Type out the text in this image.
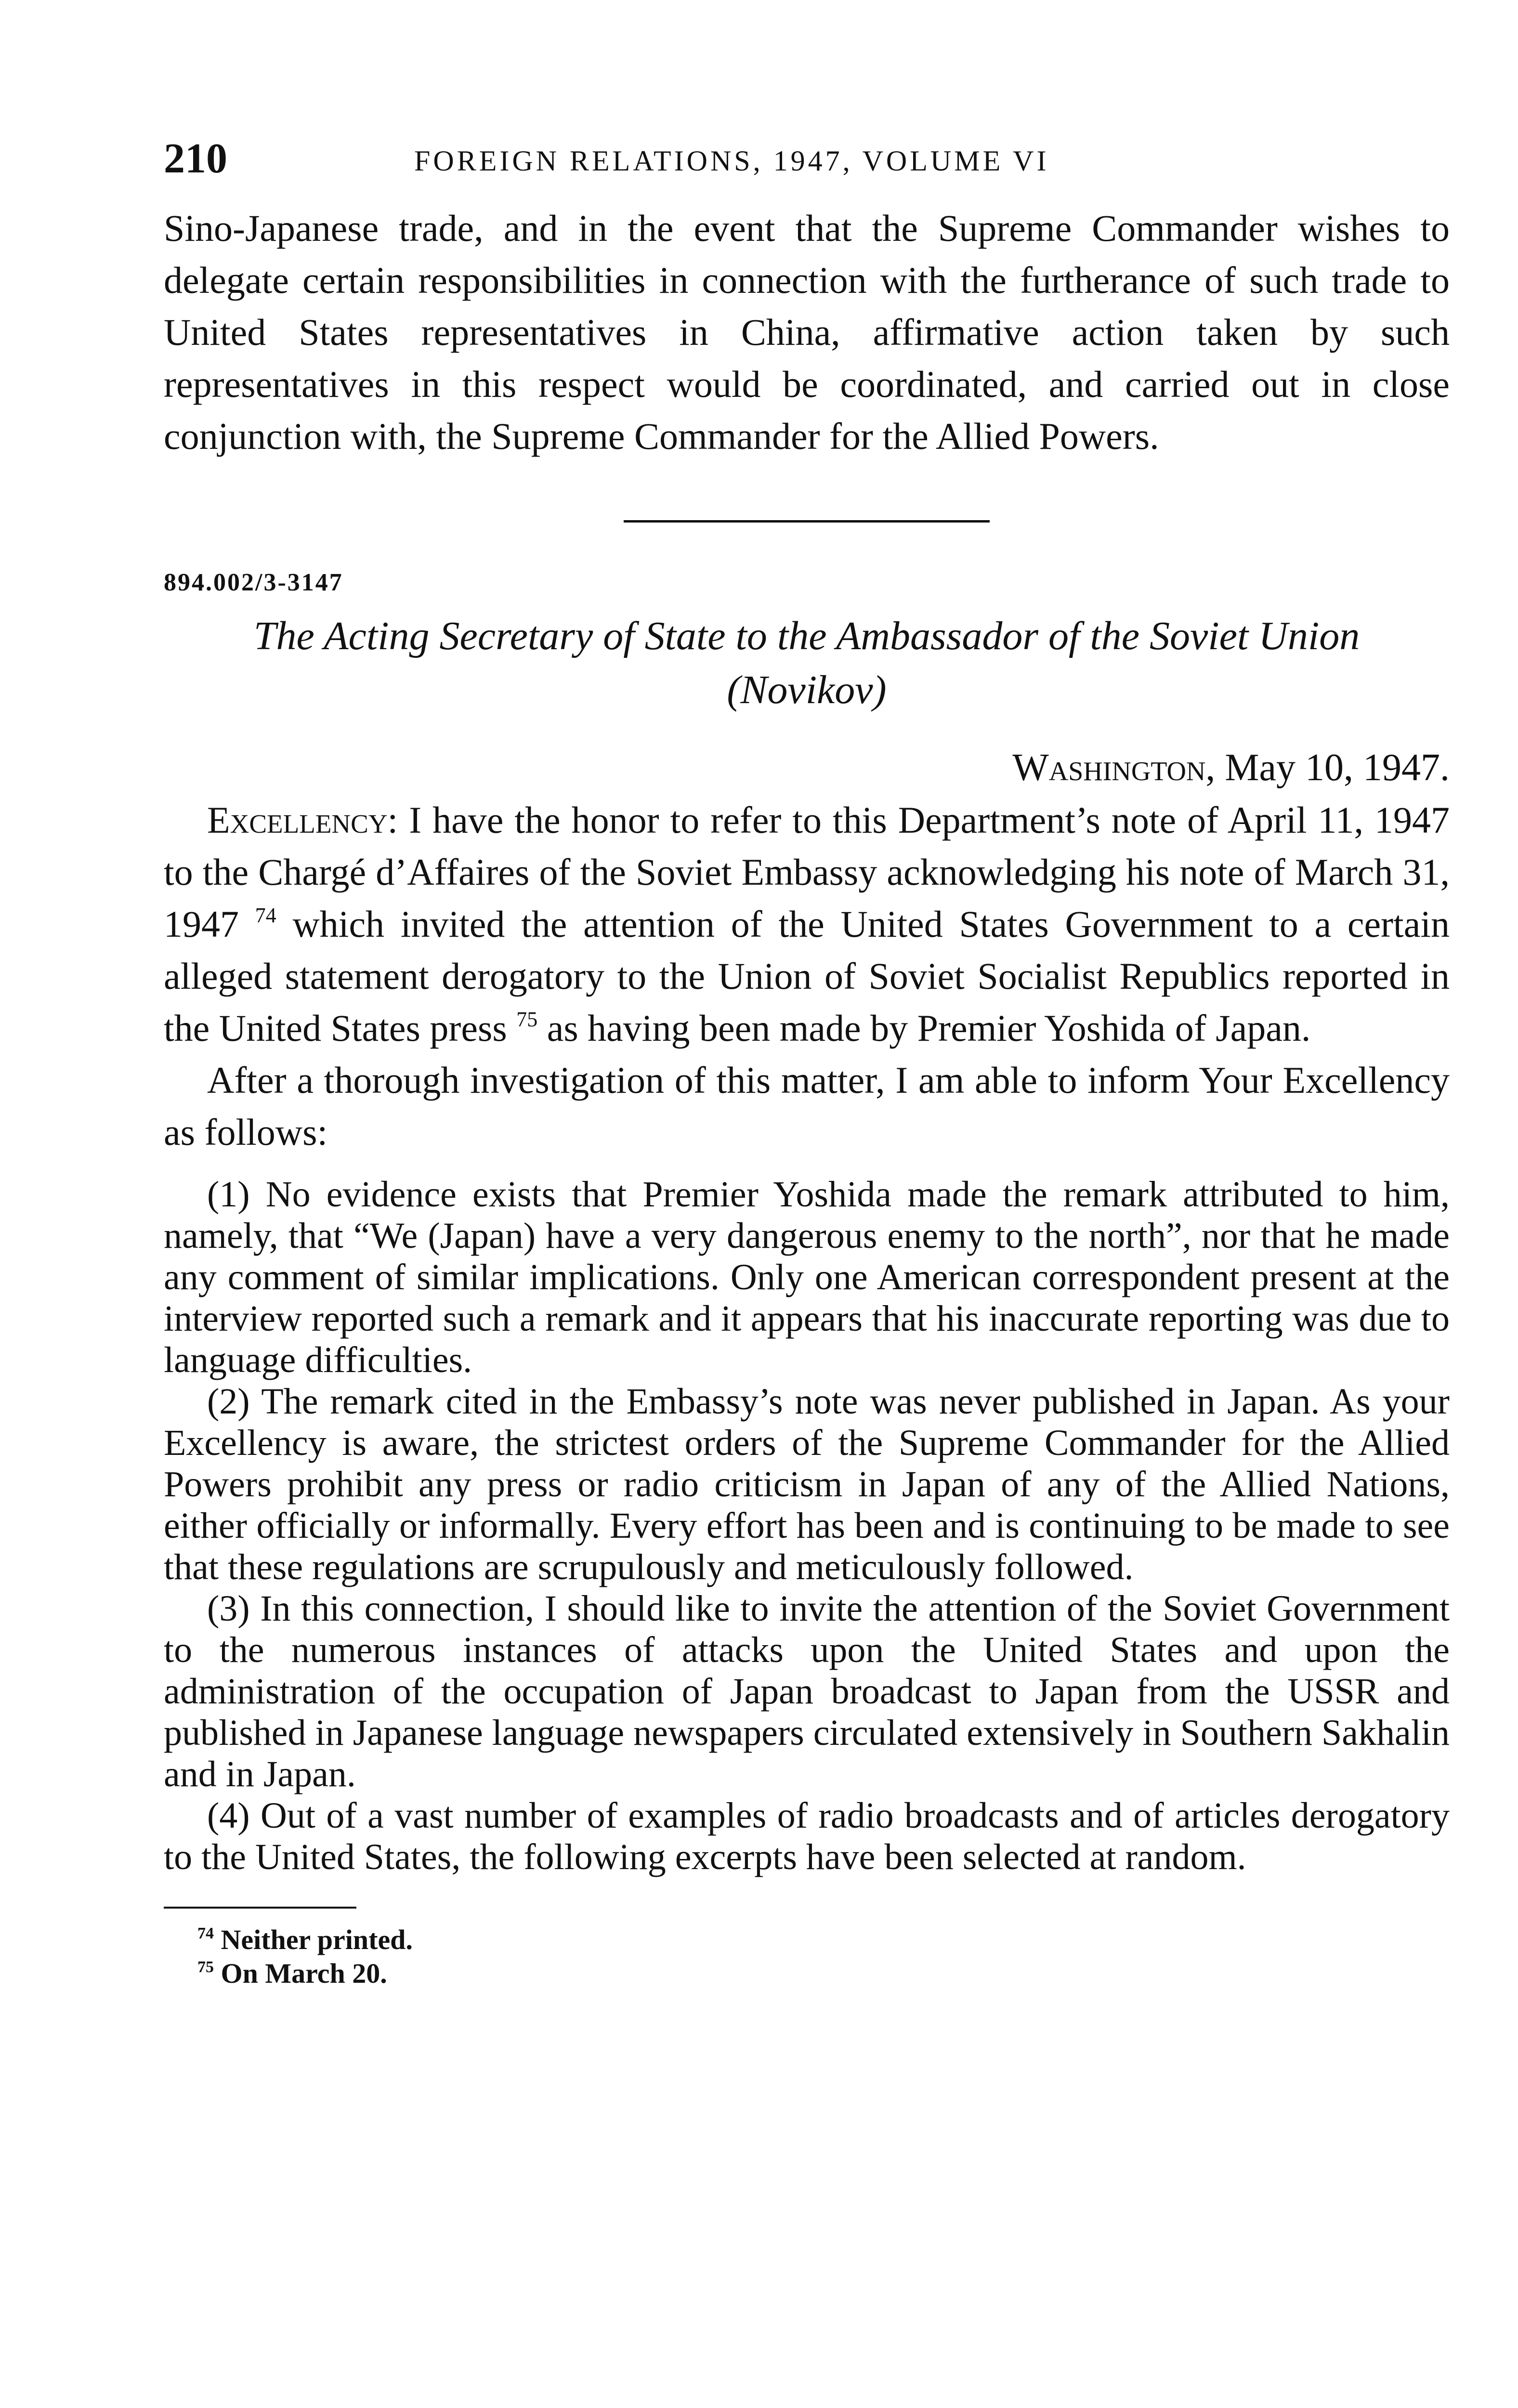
210	FOREIGN RELATIONS, 1947, VOLUME VI

Sino-Japanese trade, and in the event that the Supreme Commander wishes to delegate certain responsibilities in connection with the furtherance of such trade to United States representatives in China, affirmative action taken by such representatives in this respect would be coordinated, and carried out in close conjunction with, the Supreme Commander for the Allied Powers.

894.002/3-3147

The Acting Secretary of State to the Ambassador of the Soviet Union
(Novikov)

Washington, May 10, 1947.

Excellency: I have the honor to refer to this Department’s note of April 11, 1947 to the Chargé d’Affaires of the Soviet Embassy acknowledging his note of March 31, 1947 $^{74}$ which invited the attention of the United States Government to a certain alleged statement derogatory to the Union of Soviet Socialist Republics reported in the United States press $^{75}$ as having been made by Premier Yoshida of Japan.

After a thorough investigation of this matter, I am able to inform Your Excellency as follows:

(1) No evidence exists that Premier Yoshida made the remark attributed to him, namely, that “We (Japan) have a very dangerous enemy to the north”, nor that he made any comment of similar implications. Only one American correspondent present at the interview reported such a remark and it appears that his inaccurate reporting was due to language difficulties.

(2) The remark cited in the Embassy’s note was never published in Japan. As your Excellency is aware, the strictest orders of the Supreme Commander for the Allied Powers prohibit any press or radio criticism in Japan of any of the Allied Nations, either officially or informally. Every effort has been and is continuing to be made to see that these regulations are scrupulously and meticulously followed.

(3) In this connection, I should like to invite the attention of the Soviet Government to the numerous instances of attacks upon the United States and upon the administration of the occupation of Japan broadcast to Japan from the USSR and published in Japanese language newspapers circulated extensively in Southern Sakhalin and in Japan.

(4) Out of a vast number of examples of radio broadcasts and of articles derogatory to the United States, the following excerpts have been selected at random.

$^{74}$ Neither printed.

$^{75}$ On March 20.
